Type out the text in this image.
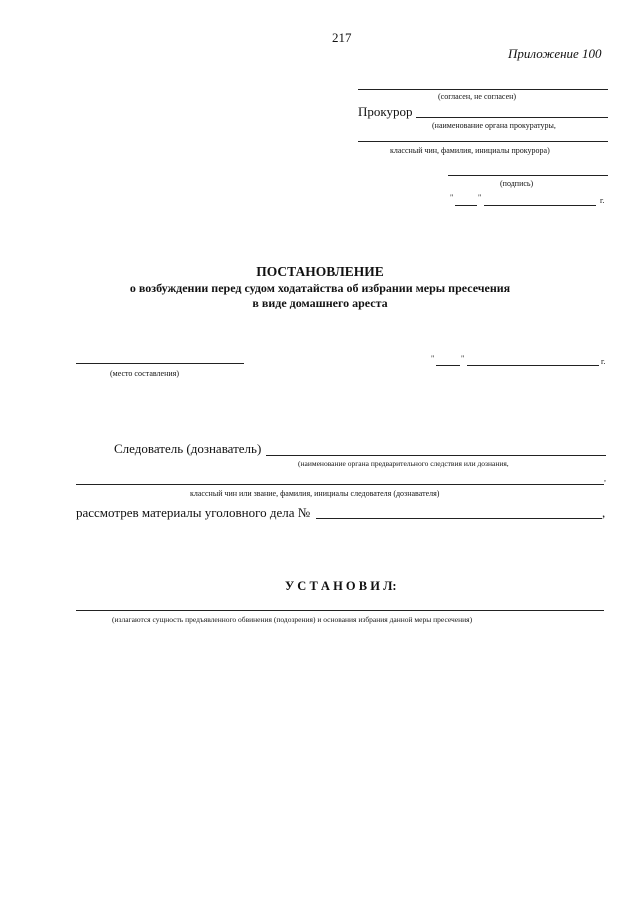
217
Приложение 100
(согласен, не согласен)
Прокурор
(наименование органа прокуратуры,
классный чин, фамилия, инициалы прокурора)
(подпись)
"	"	г.
ПОСТАНОВЛЕНИЕ
о возбуждении перед судом ходатайства об избрании меры пресечения
в виде домашнего ареста
(место составления)
"	"	г.
Следователь (дознаватель)
(наименование органа предварительного следствия или дознания,
,
классный чин или звание, фамилия, инициалы следователя (дознавателя)
рассмотрев материалы уголовного дела №	,
У С Т А Н О В И Л:
(излагаются сущность предъявленного обвинения (подозрения) и основания избрания данной меры пресечения)
